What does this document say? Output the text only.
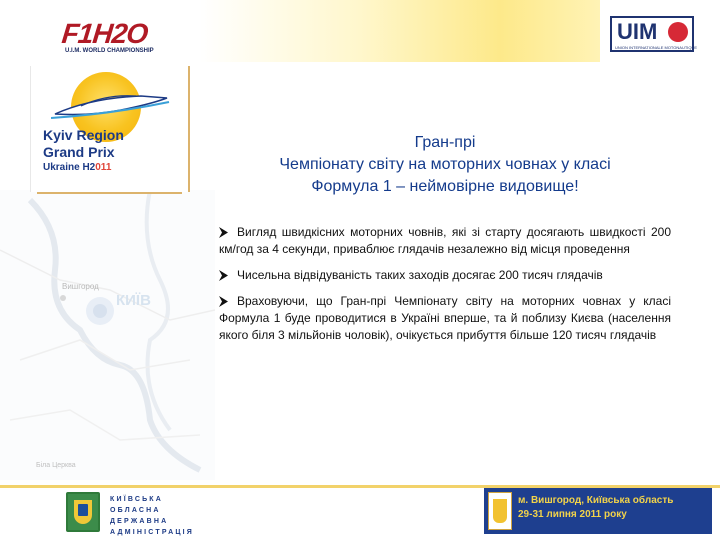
F1H2O
U.I.M. WORLD CHAMPIONSHIP
UIM
UNION INTERNATIONALE MOTONAUTIQUE
Вишгород
КИЇВ
Біла Церква
Kyiv Region
Grand Prix
Ukraine H2011
Гран-прі
Чемпіонату світу на моторних човнах у класі
Формула 1 – неймовірне видовище!
Вигляд швидкісних моторних човнів, які зі старту досягають швидкості 200 км/год за 4 секунди, приваблює глядачів незалежно від місця проведення
Чисельна відвідуваність таких заходів досягає 200 тисяч глядачів
Враховуючи, що Гран-прі Чемпіонату світу на моторних човнах у класі Формула 1 буде проводитися в Україні вперше, та й поблизу Києва (населення якого біля 3 мільйонів чоловік), очікується прибуття більше 120 тисяч глядачів
КИЇВСЬКА
ОБЛАСНА
ДЕРЖАВНА
АДМІНІСТРАЦІЯ
м. Вишгород, Київська область
29-31 липня 2011 року
